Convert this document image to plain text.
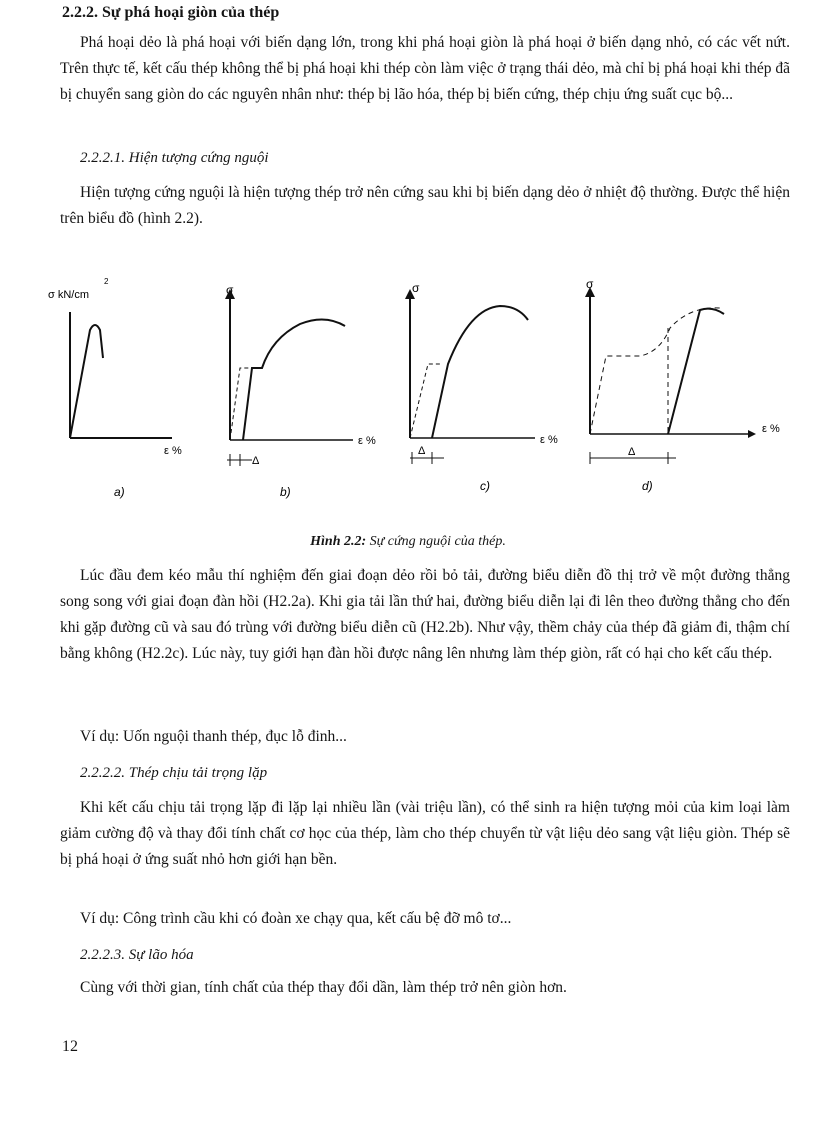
2.2.2. Sự phá hoại giòn của thép

Phá hoại dẻo là phá hoại với biến dạng lớn, trong khi phá hoại giòn là phá hoại ở biến dạng nhỏ, có các vết nứt. Trên thực tế, kết cấu thép không thể bị phá hoại khi thép còn làm việc ở trạng thái dẻo, mà chỉ bị phá hoại khi thép đã bị chuyển sang giòn do các nguyên nhân như: thép bị lão hóa, thép bị biến cứng, thép chịu ứng suất cục bộ...

2.2.2.1. Hiện tượng cứng nguội

Hiện tượng cứng nguội là hiện tượng thép trở nên cứng sau khi bị biến dạng dẻo ở nhiệt độ thường. Được thể hiện trên biểu đồ (hình 2.2).

σ kN/cm
2
ε %
a)
σ
ε %
Δ
b)
σ
ε %
Δ
c)
σ
ε %
Δ
d)
Hình 2.2: Sự cứng nguội của thép.

Lúc đầu đem kéo mẫu thí nghiệm đến giai đoạn dẻo rồi bỏ tải, đường biểu diễn đồ thị trở về một đường thẳng song song với giai đoạn đàn hồi (H2.2a). Khi gia tải lần thứ hai, đường biểu diễn lại đi lên theo đường thẳng cho đến khi gặp đường cũ và sau đó trùng với đường biểu diễn cũ (H2.2b). Như vậy, thềm chảy của thép đã giảm đi, thậm chí bằng không (H2.2c). Lúc này, tuy giới hạn đàn hồi được nâng lên nhưng làm thép giòn, rất có hại cho kết cấu thép.

Ví dụ: Uốn nguội thanh thép, đục lỗ đinh...
2.2.2.2. Thép chịu tải trọng lặp

Khi kết cấu chịu tải trọng lặp đi lặp lại nhiều lần (vài triệu lần), có thể sinh ra hiện tượng mỏi của kim loại làm giảm cường độ và thay đổi tính chất cơ học của thép, làm cho thép chuyển từ vật liệu dẻo sang vật liệu giòn. Thép sẽ bị phá hoại ở ứng suất nhỏ hơn giới hạn bền.

Ví dụ: Công trình cầu khi có đoàn xe chạy qua, kết cấu bệ đỡ mô tơ...
2.2.2.3. Sự lão hóa

Cùng với thời gian, tính chất của thép thay đổi dần, làm thép trở nên giòn hơn.

12
